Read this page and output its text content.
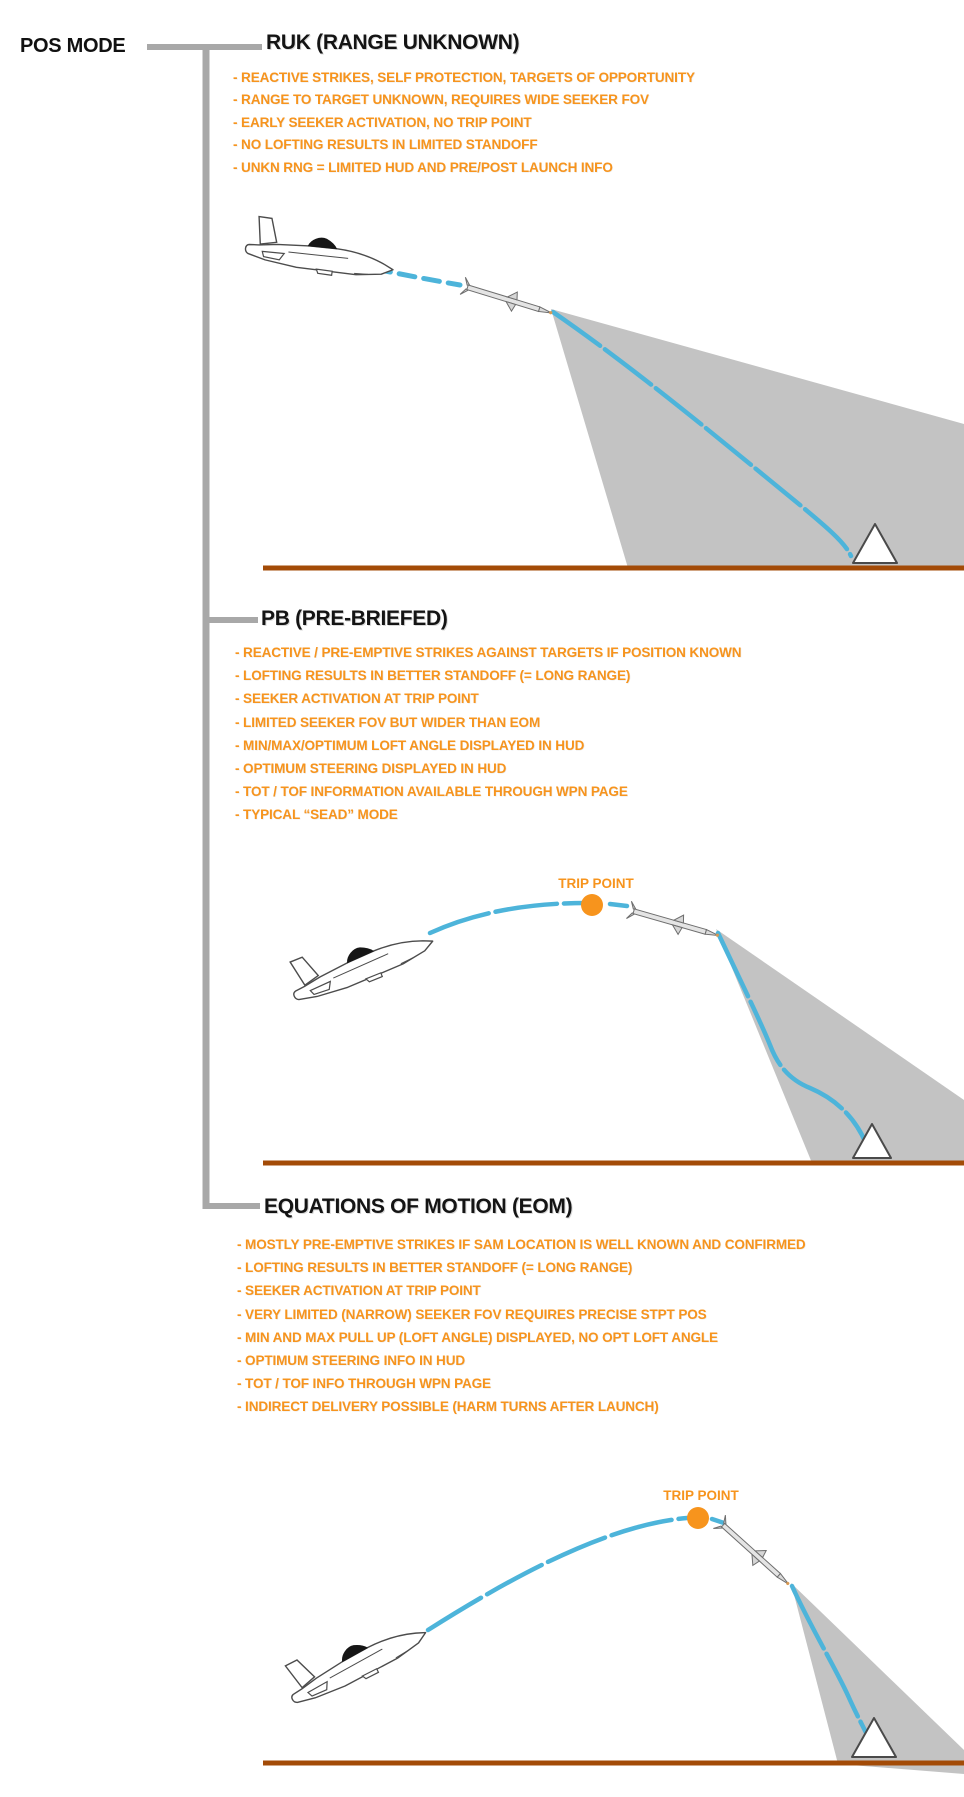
POS MODE	RUK (RANGE UNKNOWN)
- REACTIVE STRIKES, SELF PROTECTION, TARGETS OF OPPORTUNITY
- RANGE TO TARGET UNKNOWN, REQUIRES WIDE SEEKER FOV
- EARLY SEEKER ACTIVATION, NO TRIP POINT
- NO LOFTING RESULTS IN LIMITED STANDOFF
- UNKN RNG = LIMITED HUD AND PRE/POST LAUNCH INFO
PB (PRE-BRIEFED)
- REACTIVE / PRE-EMPTIVE STRIKES AGAINST TARGETS IF POSITION KNOWN
- LOFTING RESULTS IN BETTER STANDOFF (= LONG RANGE)
- SEEKER ACTIVATION AT TRIP POINT
- LIMITED SEEKER FOV BUT WIDER THAN EOM
- MIN/MAX/OPTIMUM LOFT ANGLE DISPLAYED IN HUD
- OPTIMUM STEERING DISPLAYED IN HUD
- TOT / TOF INFORMATION AVAILABLE THROUGH WPN PAGE
- TYPICAL “SEAD” MODE
EQUATIONS OF MOTION (EOM)
- MOSTLY PRE-EMPTIVE STRIKES IF SAM LOCATION IS WELL KNOWN AND CONFIRMED
- LOFTING RESULTS IN BETTER STANDOFF (= LONG RANGE)
- SEEKER ACTIVATION AT TRIP POINT
- VERY LIMITED (NARROW) SEEKER FOV REQUIRES PRECISE STPT POS
- MIN AND MAX PULL UP (LOFT ANGLE) DISPLAYED, NO OPT LOFT ANGLE
- OPTIMUM STEERING INFO IN HUD
- TOT / TOF INFO THROUGH WPN PAGE
- INDIRECT DELIVERY POSSIBLE (HARM TURNS AFTER LAUNCH)
TRIP POINT
TRIP POINT
